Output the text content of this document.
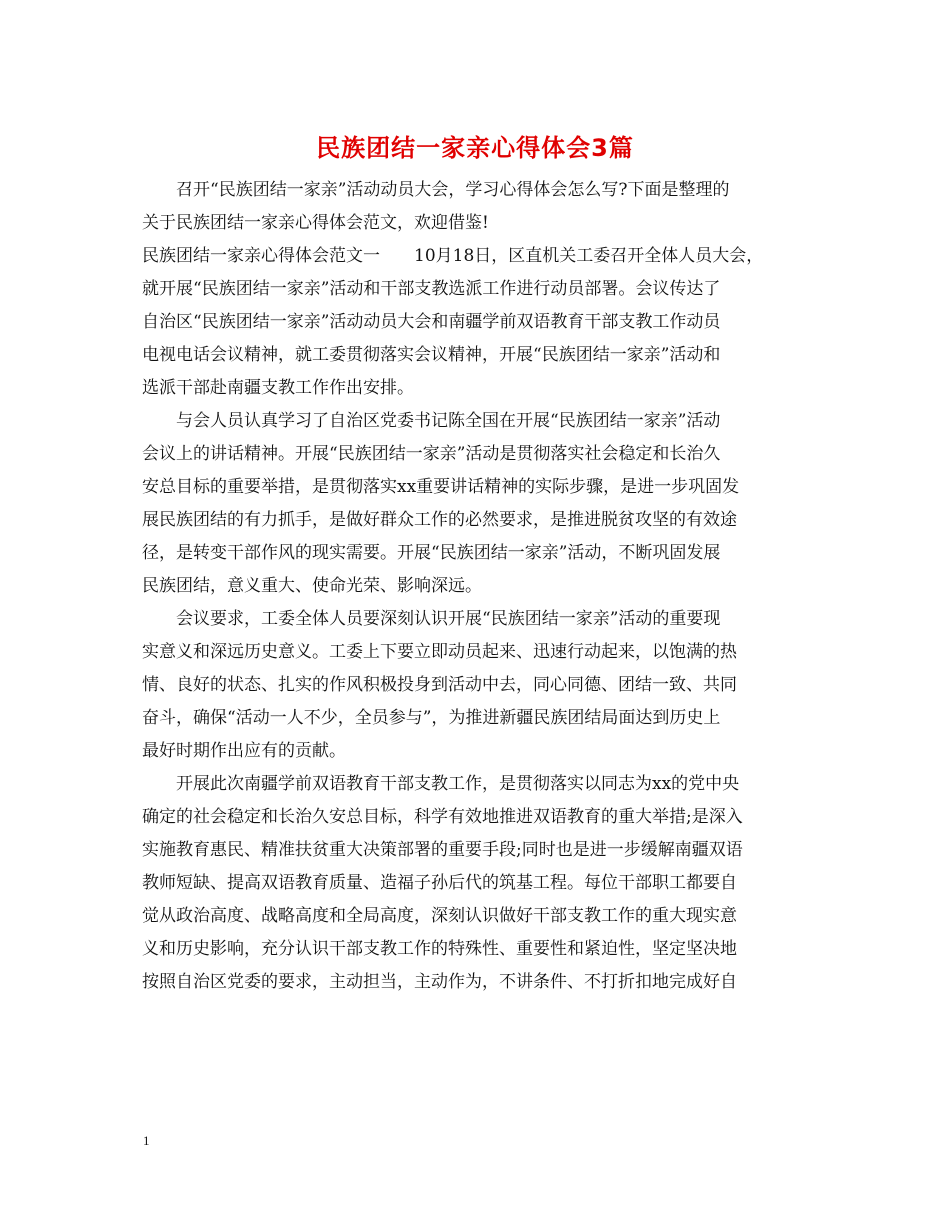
民族团结一家亲心得体会3篇
召开“民族团结一家亲”活动动员大会，学习心得体会怎么写?下面是整理的
关于民族团结一家亲心得体会范文，欢迎借鉴!
民族团结一家亲心得体会范文一　　10月18日，区直机关工委召开全体人员大会，
就开展“民族团结一家亲”活动和干部支教选派工作进行动员部署。会议传达了
自治区“民族团结一家亲”活动动员大会和南疆学前双语教育干部支教工作动员
电视电话会议精神，就工委贯彻落实会议精神，开展“民族团结一家亲”活动和
选派干部赴南疆支教工作作出安排。
与会人员认真学习了自治区党委书记陈全国在开展“民族团结一家亲”活动
会议上的讲话精神。开展“民族团结一家亲”活动是贯彻落实社会稳定和长治久
安总目标的重要举措，是贯彻落实xx重要讲话精神的实际步骤，是进一步巩固发
展民族团结的有力抓手，是做好群众工作的必然要求，是推进脱贫攻坚的有效途
径，是转变干部作风的现实需要。开展“民族团结一家亲”活动，不断巩固发展
民族团结，意义重大、使命光荣、影响深远。
会议要求，工委全体人员要深刻认识开展“民族团结一家亲”活动的重要现
实意义和深远历史意义。工委上下要立即动员起来、迅速行动起来，以饱满的热
情、良好的状态、扎实的作风积极投身到活动中去，同心同德、团结一致、共同
奋斗，确保“活动一人不少，全员参与”，为推进新疆民族团结局面达到历史上
最好时期作出应有的贡献。
开展此次南疆学前双语教育干部支教工作，是贯彻落实以同志为xx的党中央
确定的社会稳定和长治久安总目标，科学有效地推进双语教育的重大举措;是深入
实施教育惠民、精准扶贫重大决策部署的重要手段;同时也是进一步缓解南疆双语
教师短缺、提高双语教育质量、造福子孙后代的筑基工程。每位干部职工都要自
觉从政治高度、战略高度和全局高度，深刻认识做好干部支教工作的重大现实意
义和历史影响，充分认识干部支教工作的特殊性、重要性和紧迫性，坚定坚决地
按照自治区党委的要求，主动担当，主动作为，不讲条件、不打折扣地完成好自
1
